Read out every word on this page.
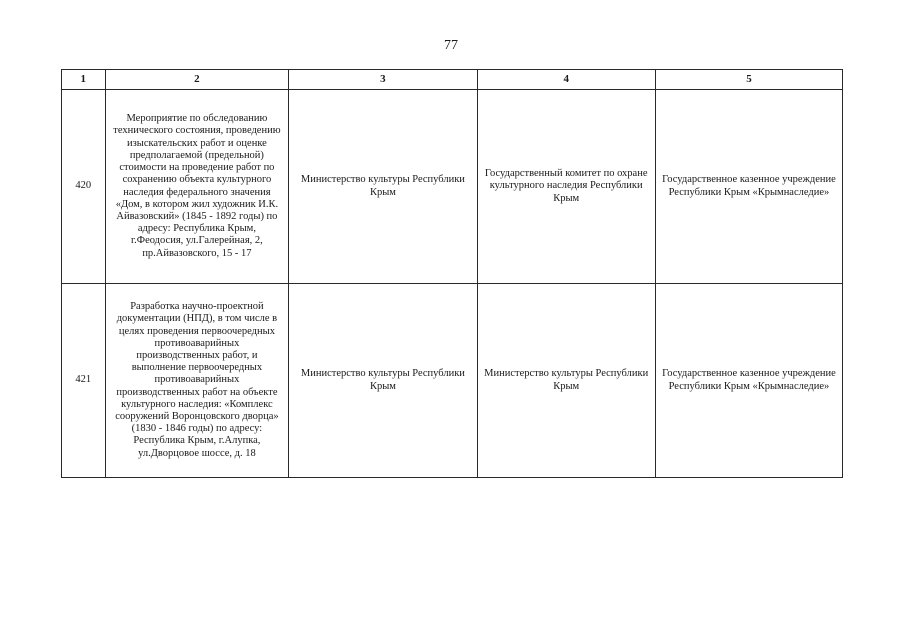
77
1	2	3	4	5
420	Мероприятие по обследованию технического состояния, проведению изыскательских работ и оценке предполагаемой (предельной) стоимости на проведение работ по сохранению объекта культурного наследия федерального значения «Дом, в котором жил художник И.К. Айвазовский» (1845 - 1892 годы) по адресу: Республика Крым, г.Феодосия, ул.Галерейная, 2, пр.Айвазовского, 15 - 17	Министерство культуры Республики Крым	Государственный комитет по охране культурного наследия Республики Крым	Государственное казенное учреждение Республики Крым «Крымнаследие»
421	Разработка научно-проектной документации (НПД), в том числе в целях проведения первоочередных противоаварийных производственных работ, и выполнение первоочередных противоаварийных производственных работ на объекте культурного наследия: «Комплекс сооружений Воронцовского дворца» (1830 - 1846 годы) по адресу: Республика Крым, г.Алупка, ул.Дворцовое шоссе, д. 18	Министерство культуры Республики Крым	Министерство культуры Республики Крым	Государственное казенное учреждение Республики Крым «Крымнаследие»
